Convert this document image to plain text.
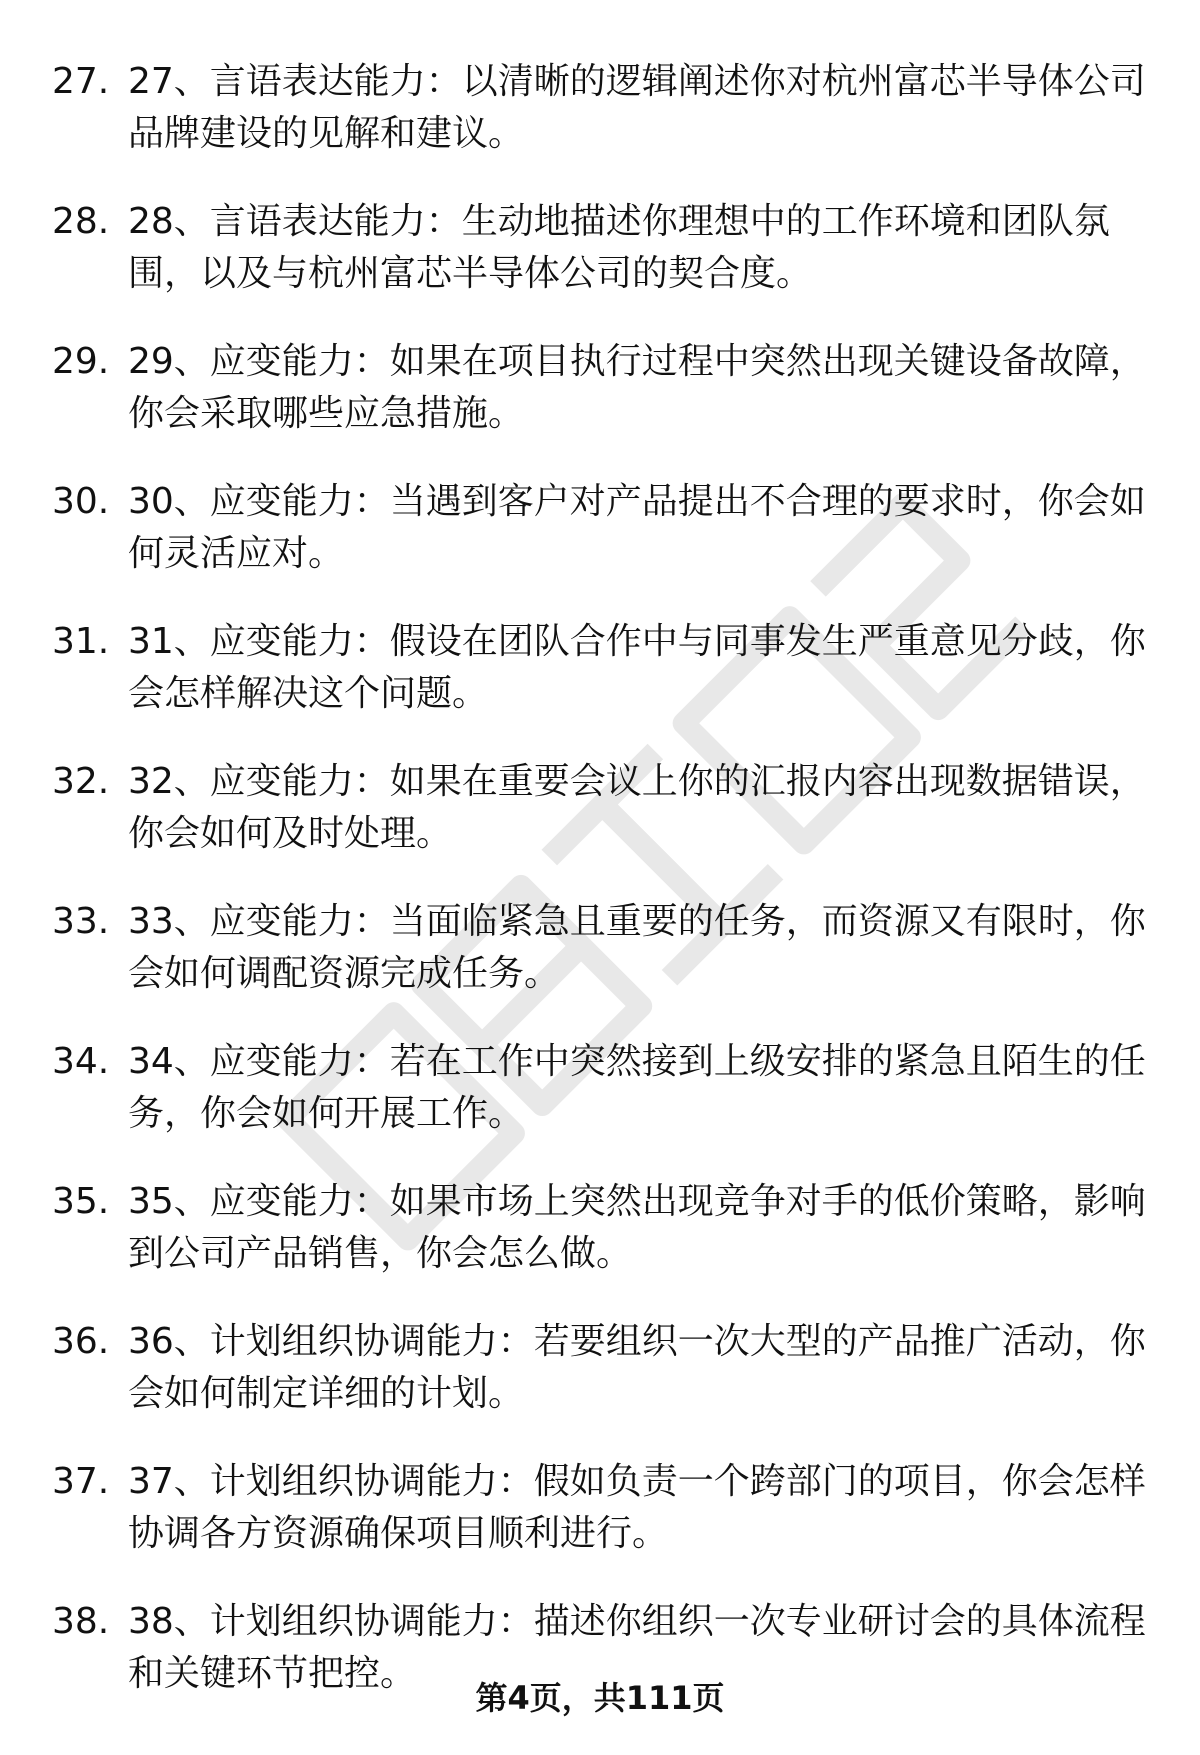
27. 27、言语表达能力：以清晰的逻辑阐述你对杭州富芯半导体公司品牌建设的见解和建议。

28. 28、言语表达能力：生动地描述你理想中的工作环境和团队氛围，以及与杭州富芯半导体公司的契合度。

29. 29、应变能力：如果在项目执行过程中突然出现关键设备故障，你会采取哪些应急措施。

30. 30、应变能力：当遇到客户对产品提出不合理的要求时，你会如何灵活应对。

31. 31、应变能力：假设在团队合作中与同事发生严重意见分歧，你会怎样解决这个问题。

32. 32、应变能力：如果在重要会议上你的汇报内容出现数据错误，你会如何及时处理。

33. 33、应变能力：当面临紧急且重要的任务，而资源又有限时，你会如何调配资源完成任务。

34. 34、应变能力：若在工作中突然接到上级安排的紧急且陌生的任务，你会如何开展工作。

35. 35、应变能力：如果市场上突然出现竞争对手的低价策略，影响到公司产品销售，你会怎么做。

36. 36、计划组织协调能力：若要组织一次大型的产品推广活动，你会如何制定详细的计划。

37. 37、计划组织协调能力：假如负责一个跨部门的项目，你会怎样协调各方资源确保项目顺利进行。

38. 38、计划组织协调能力：描述你组织一次专业研讨会的具体流程和关键环节把控。

第4页，共111页
